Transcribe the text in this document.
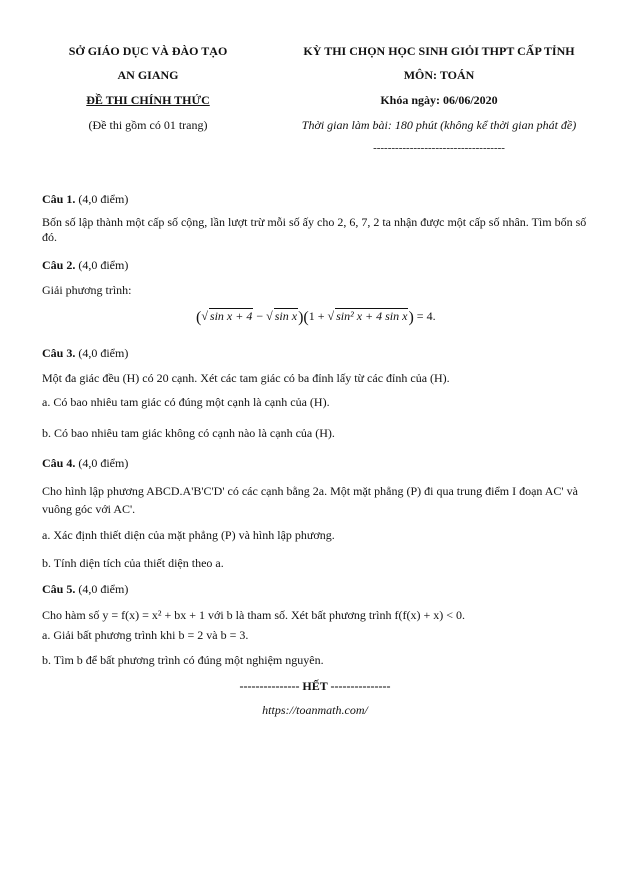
SỞ GIÁO DỤC VÀ ĐÀO TẠO
AN GIANG
ĐỀ THI CHÍNH THỨC
(Đề thi gồm có 01 trang)
KỲ THI CHỌN HỌC SINH GIỎI THPT CẤP TỈNH
MÔN: TOÁN
Khóa ngày: 06/06/2020
Thời gian làm bài: 180 phút (không kể thời gian phát đề)
------------------------------------
Câu 1. (4,0 điểm)
Bốn số lập thành một cấp số cộng, lần lượt trừ mỗi số ấy cho 2, 6, 7, 2 ta nhận được một cấp số nhân. Tìm bốn số đó.
Câu 2. (4,0 điểm)
Giải phương trình:
(√ sin x + 4 − √ sin x)(1 + √ sin² x + 4 sin x) = 4.
Câu 3. (4,0 điểm)
Một đa giác đều (H) có 20 cạnh. Xét các tam giác có ba đỉnh lấy từ các đỉnh của (H).
a. Có bao nhiêu tam giác có đúng một cạnh là cạnh của (H).
b. Có bao nhiêu tam giác không có cạnh nào là cạnh của (H).
Câu 4. (4,0 điểm)
Cho hình lập phương ABCD.A'B'C'D' có các cạnh bằng 2a. Một mặt phẳng (P) đi qua trung điểm I đoạn AC' và vuông góc với AC'.
a. Xác định thiết diện của mặt phẳng (P) và hình lập phương.
b. Tính diện tích của thiết diện theo a.
Câu 5. (4,0 điểm)
Cho hàm số y = f(x) = x² + bx + 1 với b là tham số. Xét bất phương trình f(f(x) + x) < 0.
a. Giải bất phương trình khi b = 2 và b = 3.
b. Tìm b để bất phương trình có đúng một nghiệm nguyên.
--------------- HẾT ---------------
https://toanmath.com/
